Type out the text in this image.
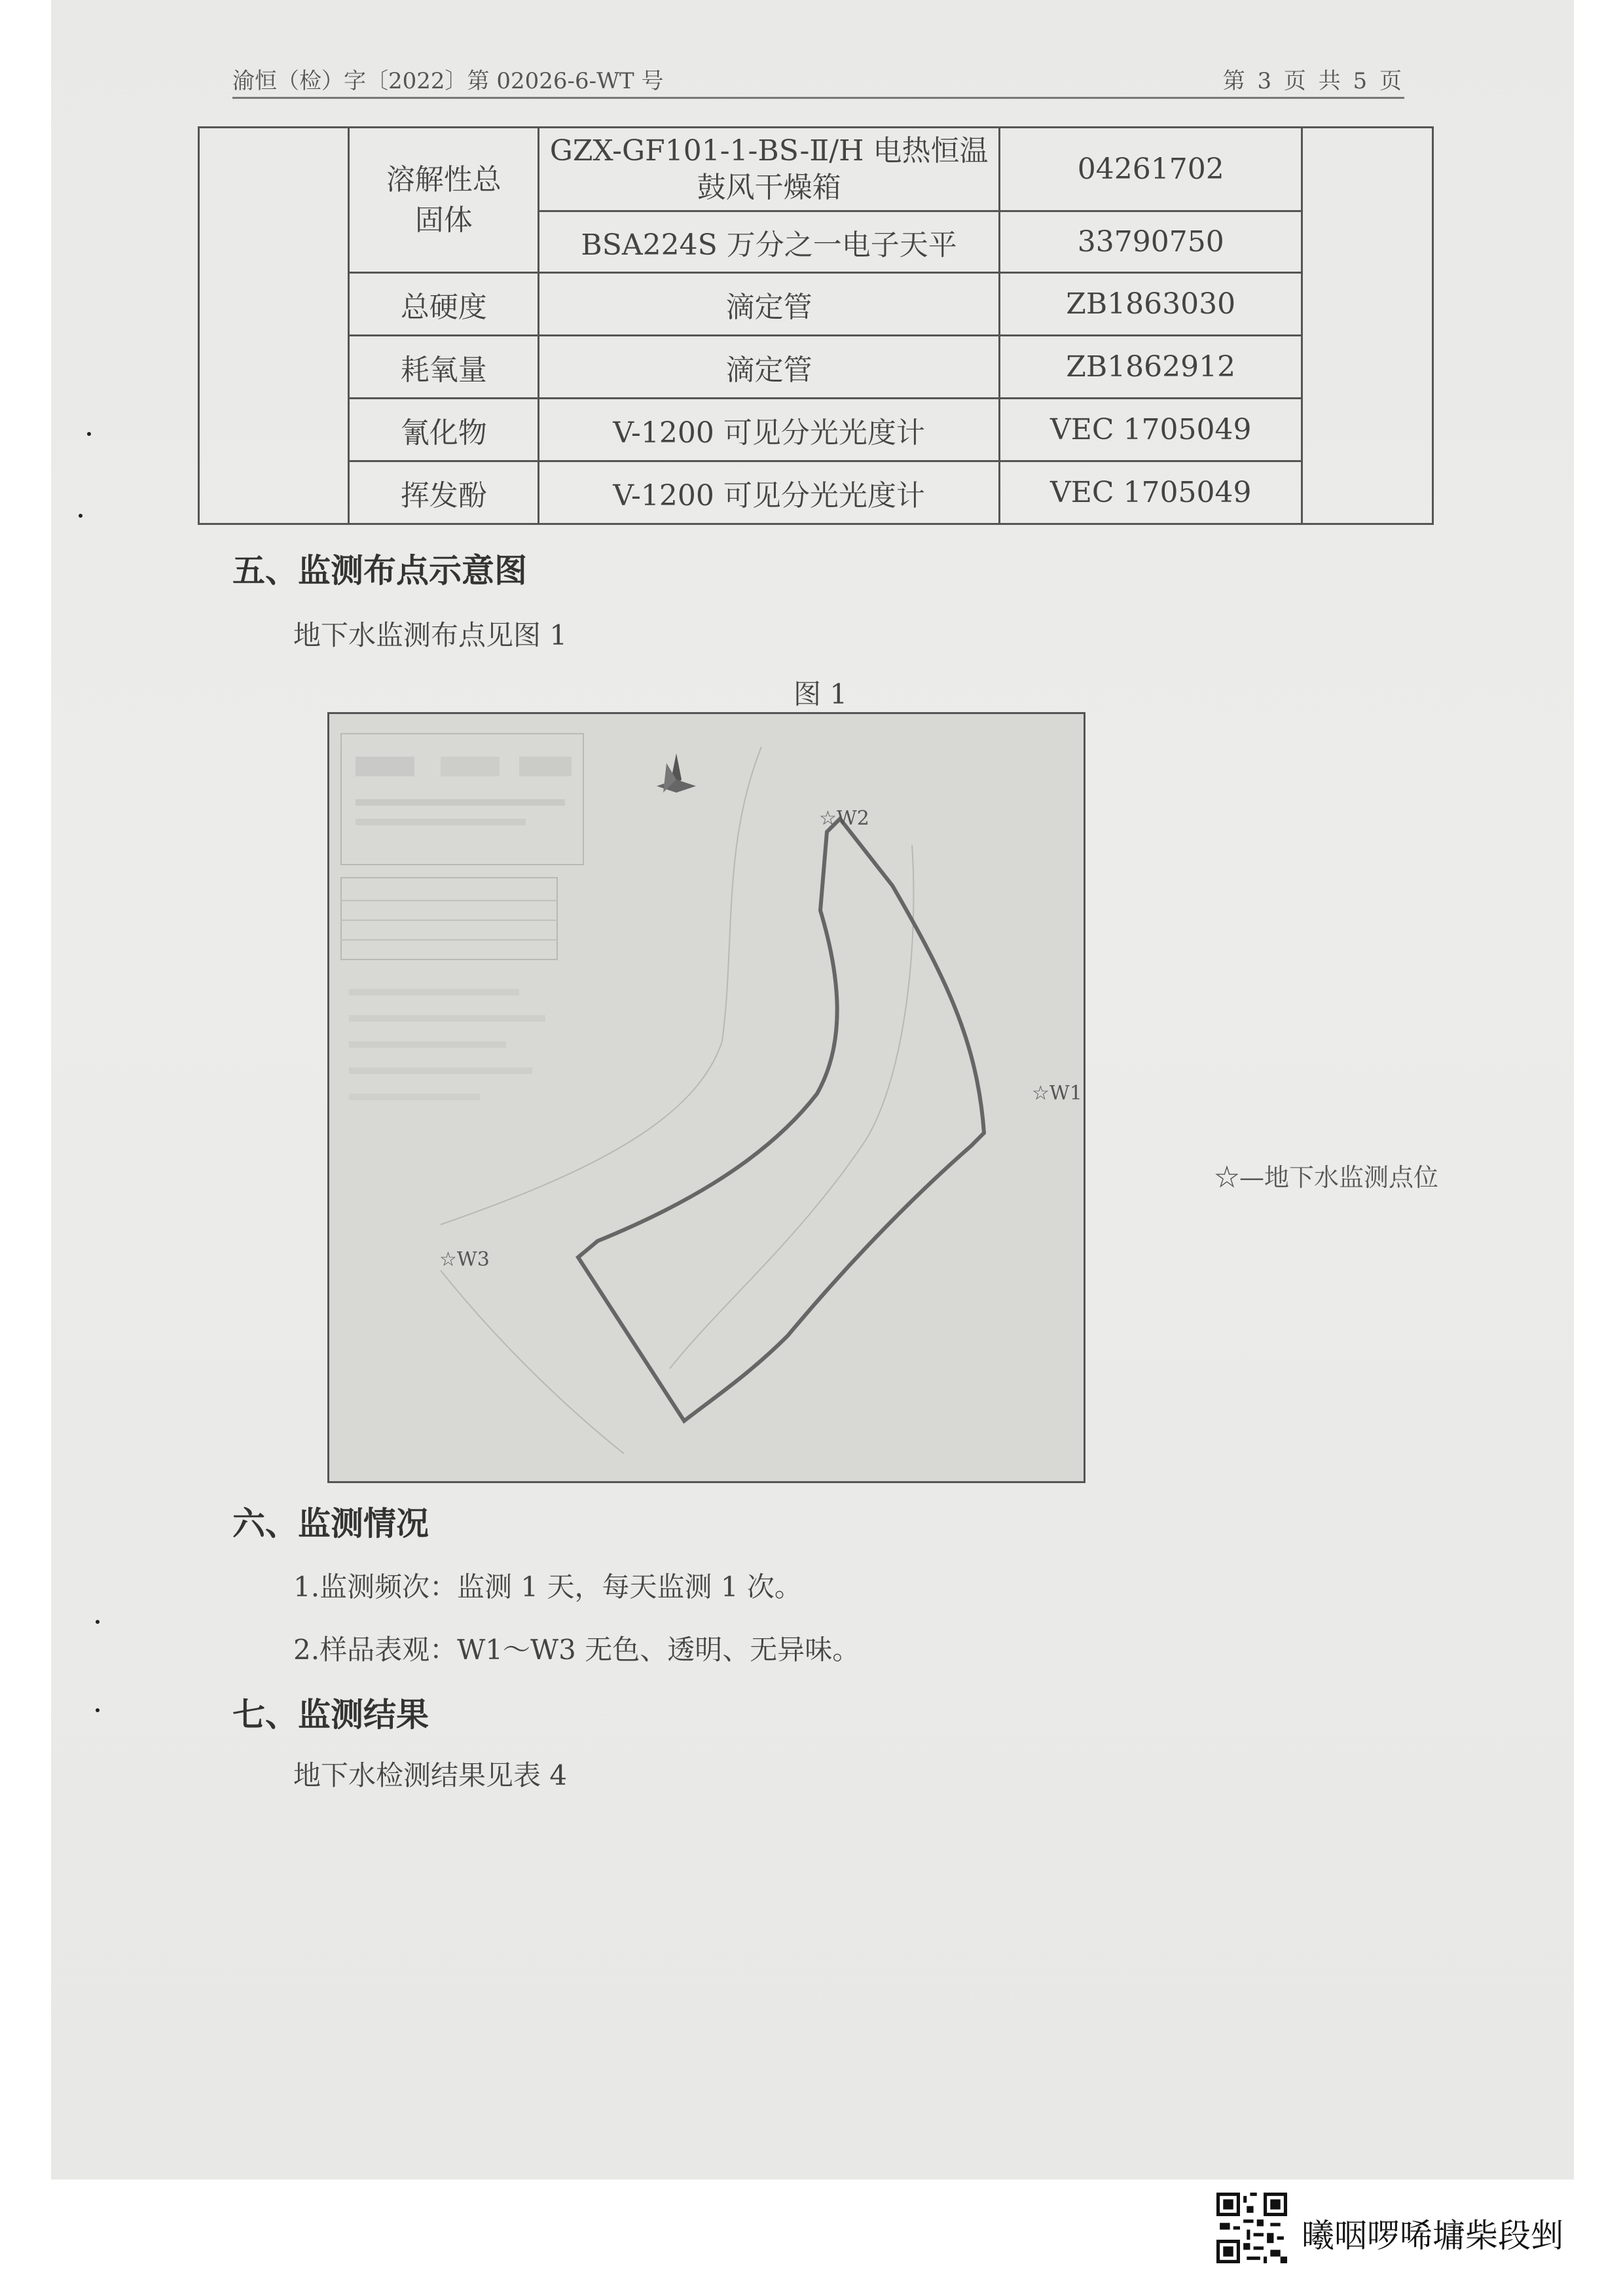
渝恒（检）字〔2022〕第 02026-6-WT 号	第 3 页 共 5 页
	溶解性总固体	GZX-GF101-1-BS-Ⅱ/H 电热恒温鼓风干燥箱	04261702	
		BSA224S 万分之一电子天平	33790750	
	总硬度	滴定管	ZB1863030	
	耗氧量	滴定管	ZB1862912	
	氰化物	V-1200 可见分光光度计	VEC 1705049	
	挥发酚	V-1200 可见分光光度计	VEC 1705049	
五、监测布点示意图

地下水监测布点见图 1

图 1
☆W2
☆W1
☆W3
☆—地下水监测点位
六、监测情况

1.监测频次：监测 1 天，每天监测 1 次。

2.样品表观：W1～W3 无色、透明、无异味。

七、监测结果

地下水检测结果见表 4

曦咽啰唏墉柴段剉
